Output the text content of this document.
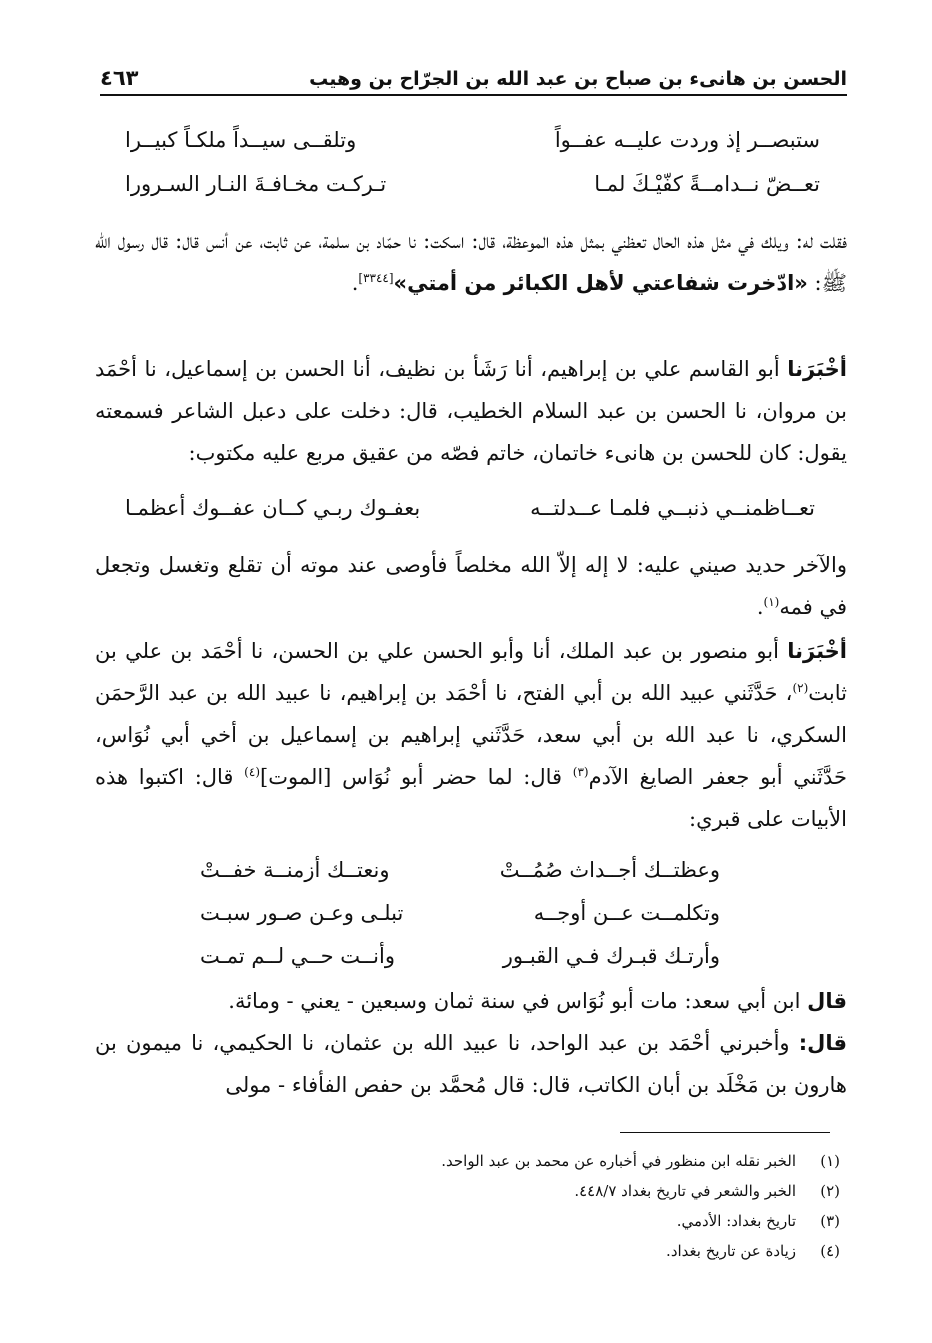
الحسن بن هانىء بن صباح بن عبد الله بن الجرّاح بن وهيب
٤٦٣
ستبصــر إذ وردت عليــه عفــواً
وتلقــى سيــداً ملكـاً كبيــرا
تعــضّ نــدامــةً كفّيْـكَ لمـا
تـركـت مخـافـةَ النـار السـرورا
فقلت له: ويلك في مثل هذه الحال تعظني بمثل هذه الموعظة، قال: اسكت: نا حمّاد بن سلمة، عن ثابت، عن أنس قال: قال رسول الله ﷺ: «ادّخرت شفاعتي لأهل الكبائر من أمتي»[٣٣٤٤].
أخْبَرَنا أبو القاسم علي بن إبراهيم، أنا رَشَأ بن نظيف، أنا الحسن بن إسماعيل، نا أحْمَد بن مروان، نا الحسن بن عبد السلام الخطيب، قال: دخلت على دعبل الشاعر فسمعته يقول: كان للحسن بن هانىء خاتمان، خاتم فصّه من عقيق مربع عليه مكتوب:
تعــاظمنــي ذنبــي فلمـا عــدلتــه
بعفـوك ربـي كــان عفــوك أعظمـا
والآخر حديد صيني عليه: لا إله إلاّ الله مخلصاً فأوصى عند موته أن تقلع وتغسل وتجعل في فمه$^{(١)}$.
أخْبَرَنا أبو منصور بن عبد الملك، أنا وأبو الحسن علي بن الحسن، نا أحْمَد بن علي بن ثابت$^{(٢)}$، حَدَّثَني عبيد الله بن أبي الفتح، نا أحْمَد بن إبراهيم، نا عبيد الله بن عبد الرَّحمَن السكري، نا عبد الله بن أبي سعد، حَدَّثَني إبراهيم بن إسماعيل بن أخي أبي نُوَاس، حَدَّثَني أبو جعفر الصايغ الآدم$^{(٣)}$ قال: لما حضر أبو نُوَاس [الموت]$^{(٤)}$ قال: اكتبوا هذه الأبيات على قبري:
وعظتــك أجــداث صُمُــتْ
ونعتــك أزمنــة خفــتْ
وتكلمــت عــن أوجــه
تبلـى وعـن صـور سبـت
وأرتـك قبـرك فـي القبـور
وأنــت حــي لــم تمـت
قال ابن أبي سعد: مات أبو نُوَاس في سنة ثمان وسبعين - يعني - ومائة.
قال: وأخبرني أحْمَد بن عبد الواحد، نا عبيد الله بن عثمان، نا الحكيمي، نا ميمون بن هارون بن مَخْلَد بن أبان الكاتب، قال: قال مُحمَّد بن حفص الفأفاء - مولى
(١)الخبر نقله ابن منظور في أخباره عن محمد بن عبد الواحد.
(٢)الخبر والشعر في تاريخ بغداد ٤٤٨/٧.
(٣)تاريخ بغداد: الأدمي.
(٤)زيادة عن تاريخ بغداد.
